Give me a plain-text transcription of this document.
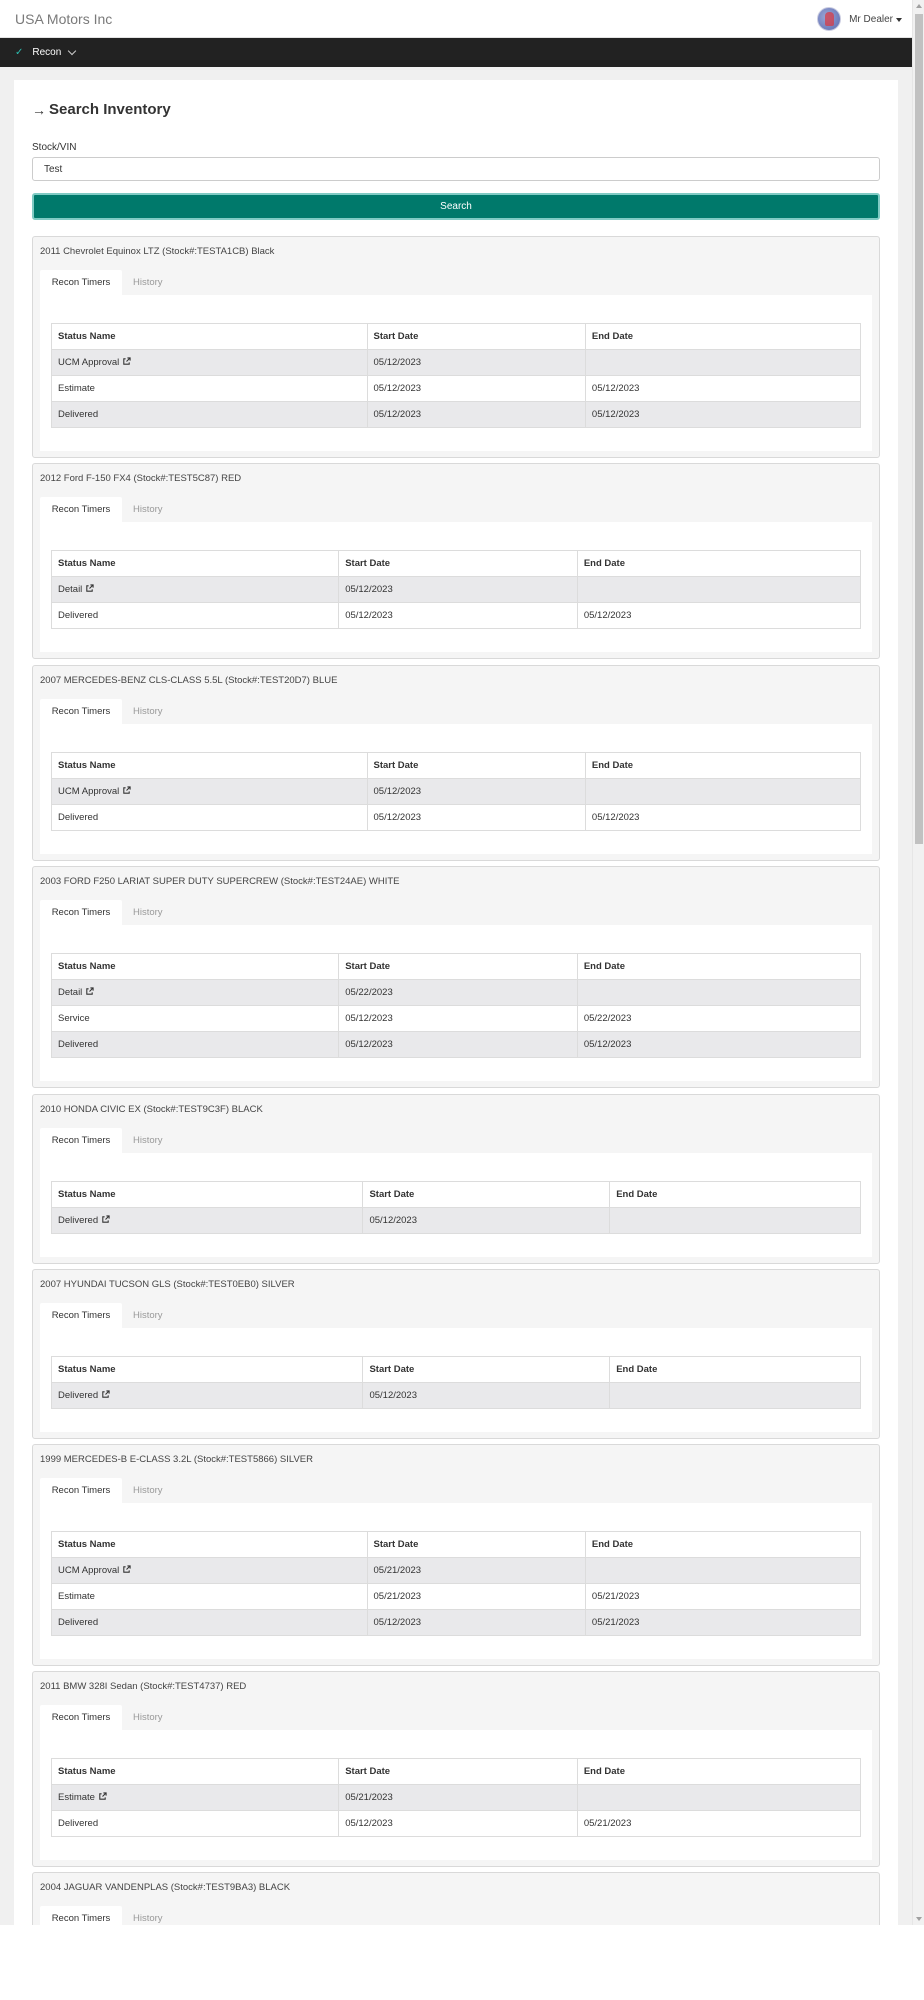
USA Motors Inc	Mr Dealer
✓ Recon
→ Search Inventory
Stock/VIN
Test
Search
2011 Chevrolet Equinox LTZ (Stock#:TESTA1CB) Black
Recon Timers	History
Status Name	Start Date	End Date
UCM Approval	05/12/2023	
Estimate	05/12/2023	05/12/2023
Delivered	05/12/2023	05/12/2023
2012 Ford F-150 FX4 (Stock#:TEST5C87) RED
Recon Timers	History
Status Name	Start Date	End Date
Detail	05/12/2023	
Delivered	05/12/2023	05/12/2023
2007 MERCEDES-BENZ CLS-CLASS 5.5L (Stock#:TEST20D7) BLUE
Recon Timers	History
Status Name	Start Date	End Date
UCM Approval	05/12/2023	
Delivered	05/12/2023	05/12/2023
2003 FORD F250 LARIAT SUPER DUTY SUPERCREW (Stock#:TEST24AE) WHITE
Recon Timers	History
Status Name	Start Date	End Date
Detail	05/22/2023	
Service	05/12/2023	05/22/2023
Delivered	05/12/2023	05/12/2023
2010 HONDA CIVIC EX (Stock#:TEST9C3F) BLACK
Recon Timers	History
Status Name	Start Date	End Date
Delivered	05/12/2023	
2007 HYUNDAI TUCSON GLS (Stock#:TEST0EB0) SILVER
Recon Timers	History
Status Name	Start Date	End Date
Delivered	05/12/2023	
1999 MERCEDES-B E-CLASS 3.2L (Stock#:TEST5866) SILVER
Recon Timers	History
Status Name	Start Date	End Date
UCM Approval	05/21/2023	
Estimate	05/21/2023	05/21/2023
Delivered	05/12/2023	05/21/2023
2011 BMW 328I Sedan (Stock#:TEST4737) RED
Recon Timers	History
Status Name	Start Date	End Date
Estimate	05/21/2023	
Delivered	05/12/2023	05/21/2023
2004 JAGUAR VANDENPLAS (Stock#:TEST9BA3) BLACK
Recon Timers	History
